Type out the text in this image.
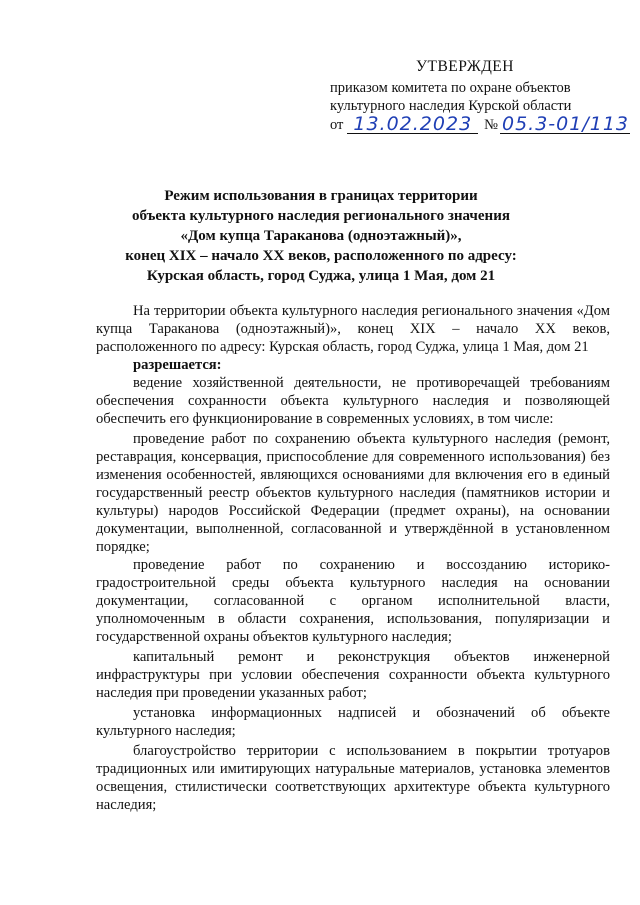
УТВЕРЖДЕН
приказом комитета по охране объектов
культурного наследия Курской области
от 13.02.2023 № 05.3-01/113
Режим использования в границах территории
объекта культурного наследия регионального значения
«Дом купца Тараканова (одноэтажный)»,
конец XIX – начало XX веков, расположенного по адресу:
Курская область, город Суджа, улица 1 Мая, дом 21

На территории объекта культурного наследия регионального значения «Дом купца Тараканова (одноэтажный)», конец XIX – начало XX веков, расположенного по адресу: Курская область, город Суджа, улица 1 Мая, дом 21

разрешается:

ведение хозяйственной деятельности, не противоречащей требованиям обеспечения сохранности объекта культурного наследия и позволяющей обеспечить его функционирование в современных условиях, в том числе:

проведение работ по сохранению объекта культурного наследия (ремонт, реставрация, консервация, приспособление для современного использования) без изменения особенностей, являющихся основаниями для включения его в единый государственный реестр объектов культурного наследия (памятников истории и культуры) народов Российской Федерации (предмет охраны), на основании документации, выполненной, согласованной и утверждённой в установленном порядке;

проведение работ по сохранению и воссозданию историко-градостроительной среды объекта культурного наследия на основании документации, согласованной с органом исполнительной власти, уполномоченным в области сохранения, использования, популяризации и государственной охраны объектов культурного наследия;

капитальный ремонт и реконструкция объектов инженерной инфраструктуры при условии обеспечения сохранности объекта культурного наследия при проведении указанных работ;

установка информационных надписей и обозначений об объекте культурного наследия;

благоустройство территории с использованием в покрытии тротуаров традиционных или имитирующих натуральные материалов, установка элементов освещения, стилистически соответствующих архитектуре объекта культурного наследия;
